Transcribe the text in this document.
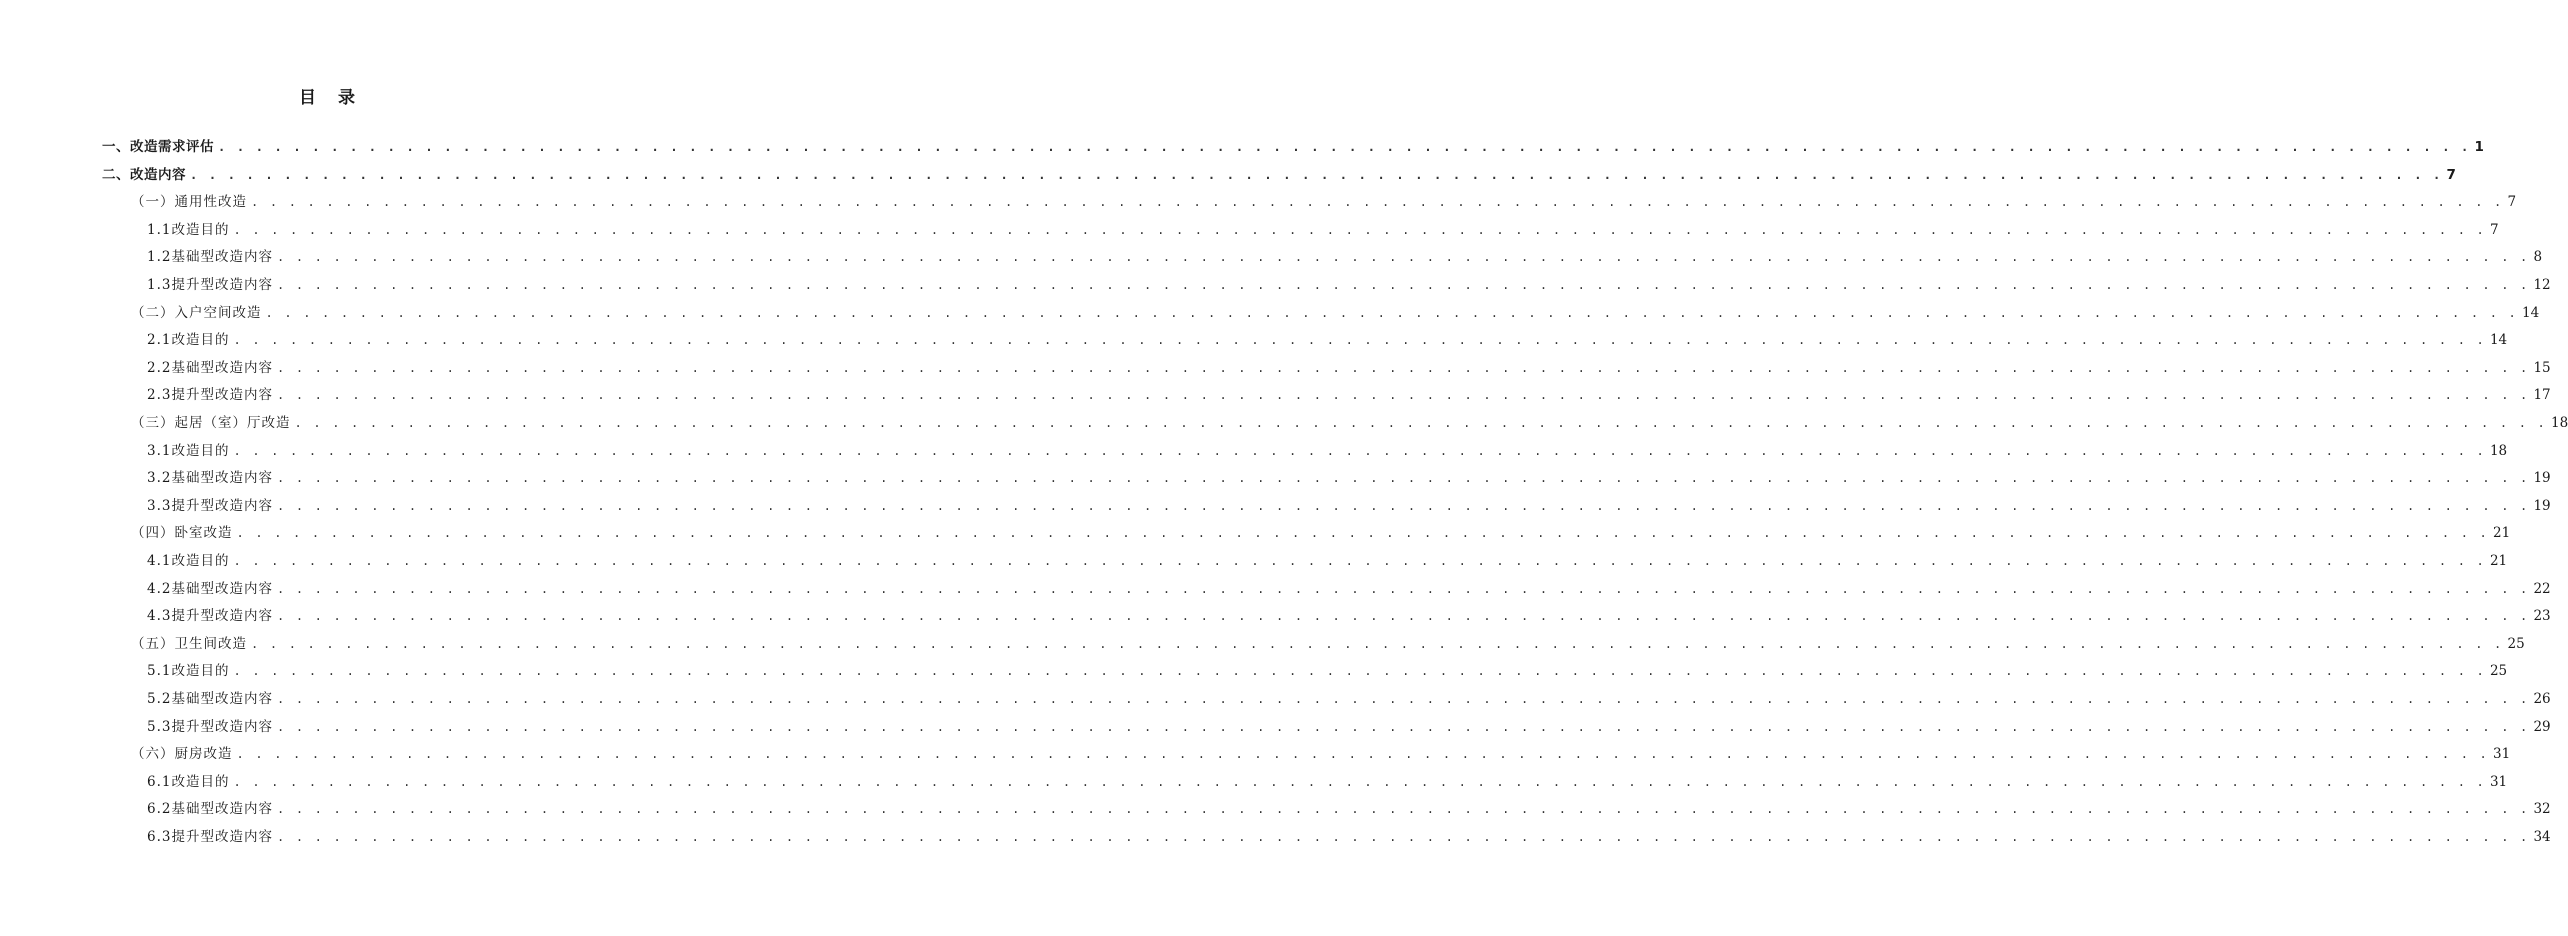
目 录
一、改造需求评估 . . . . . . . . . . . . . . . . . . . . . . . . . . . . . . . . . . . . . . . . . . . . . . . . . . . . . . . . . . . . . . . . . . . . . . . . . . . . . . . . . . . . . . . . . . . . . . . . . . . . . . . . . . . . . . . . . . . . . . . . 1
二、改造内容 . . . . . . . . . . . . . . . . . . . . . . . . . . . . . . . . . . . . . . . . . . . . . . . . . . . . . . . . . . . . . . . . . . . . . . . . . . . . . . . . . . . . . . . . . . . . . . . . . . . . . . . . . . . . . . . . . . . . . . . . 7
（一）通用性改造 . . . . . . . . . . . . . . . . . . . . . . . . . . . . . . . . . . . . . . . . . . . . . . . . . . . . . . . . . . . . . . . . . . . . . . . . . . . . . . . . . . . . . . . . . . . . . . . . . . . . . . . . . . . . . . . . . . . . . . . . 7
1.1改造目的 . . . . . . . . . . . . . . . . . . . . . . . . . . . . . . . . . . . . . . . . . . . . . . . . . . . . . . . . . . . . . . . . . . . . . . . . . . . . . . . . . . . . . . . . . . . . . . . . . . . . . . . . . . . . . . . . . . . . . . . . 7
1.2基础型改造内容 . . . . . . . . . . . . . . . . . . . . . . . . . . . . . . . . . . . . . . . . . . . . . . . . . . . . . . . . . . . . . . . . . . . . . . . . . . . . . . . . . . . . . . . . . . . . . . . . . . . . . . . . . . . . . . . . . . . . . . . . 8
1.3提升型改造内容 . . . . . . . . . . . . . . . . . . . . . . . . . . . . . . . . . . . . . . . . . . . . . . . . . . . . . . . . . . . . . . . . . . . . . . . . . . . . . . . . . . . . . . . . . . . . . . . . . . . . . . . . . . . . . . . . . . . . . . . . 12
（二）入户空间改造 . . . . . . . . . . . . . . . . . . . . . . . . . . . . . . . . . . . . . . . . . . . . . . . . . . . . . . . . . . . . . . . . . . . . . . . . . . . . . . . . . . . . . . . . . . . . . . . . . . . . . . . . . . . . . . . . . . . . . . . . 14
2.1改造目的 . . . . . . . . . . . . . . . . . . . . . . . . . . . . . . . . . . . . . . . . . . . . . . . . . . . . . . . . . . . . . . . . . . . . . . . . . . . . . . . . . . . . . . . . . . . . . . . . . . . . . . . . . . . . . . . . . . . . . . . . 14
2.2基础型改造内容 . . . . . . . . . . . . . . . . . . . . . . . . . . . . . . . . . . . . . . . . . . . . . . . . . . . . . . . . . . . . . . . . . . . . . . . . . . . . . . . . . . . . . . . . . . . . . . . . . . . . . . . . . . . . . . . . . . . . . . . . 15
2.3提升型改造内容 . . . . . . . . . . . . . . . . . . . . . . . . . . . . . . . . . . . . . . . . . . . . . . . . . . . . . . . . . . . . . . . . . . . . . . . . . . . . . . . . . . . . . . . . . . . . . . . . . . . . . . . . . . . . . . . . . . . . . . . . 17
（三）起居（室）厅改造 . . . . . . . . . . . . . . . . . . . . . . . . . . . . . . . . . . . . . . . . . . . . . . . . . . . . . . . . . . . . . . . . . . . . . . . . . . . . . . . . . . . . . . . . . . . . . . . . . . . . . . . . . . . . . . . . . . . . . . . . 18
3.1改造目的 . . . . . . . . . . . . . . . . . . . . . . . . . . . . . . . . . . . . . . . . . . . . . . . . . . . . . . . . . . . . . . . . . . . . . . . . . . . . . . . . . . . . . . . . . . . . . . . . . . . . . . . . . . . . . . . . . . . . . . . . 18
3.2基础型改造内容 . . . . . . . . . . . . . . . . . . . . . . . . . . . . . . . . . . . . . . . . . . . . . . . . . . . . . . . . . . . . . . . . . . . . . . . . . . . . . . . . . . . . . . . . . . . . . . . . . . . . . . . . . . . . . . . . . . . . . . . . 19
3.3提升型改造内容 . . . . . . . . . . . . . . . . . . . . . . . . . . . . . . . . . . . . . . . . . . . . . . . . . . . . . . . . . . . . . . . . . . . . . . . . . . . . . . . . . . . . . . . . . . . . . . . . . . . . . . . . . . . . . . . . . . . . . . . . 19
（四）卧室改造 . . . . . . . . . . . . . . . . . . . . . . . . . . . . . . . . . . . . . . . . . . . . . . . . . . . . . . . . . . . . . . . . . . . . . . . . . . . . . . . . . . . . . . . . . . . . . . . . . . . . . . . . . . . . . . . . . . . . . . . . 21
4.1改造目的 . . . . . . . . . . . . . . . . . . . . . . . . . . . . . . . . . . . . . . . . . . . . . . . . . . . . . . . . . . . . . . . . . . . . . . . . . . . . . . . . . . . . . . . . . . . . . . . . . . . . . . . . . . . . . . . . . . . . . . . . 21
4.2基础型改造内容 . . . . . . . . . . . . . . . . . . . . . . . . . . . . . . . . . . . . . . . . . . . . . . . . . . . . . . . . . . . . . . . . . . . . . . . . . . . . . . . . . . . . . . . . . . . . . . . . . . . . . . . . . . . . . . . . . . . . . . . . 22
4.3提升型改造内容 . . . . . . . . . . . . . . . . . . . . . . . . . . . . . . . . . . . . . . . . . . . . . . . . . . . . . . . . . . . . . . . . . . . . . . . . . . . . . . . . . . . . . . . . . . . . . . . . . . . . . . . . . . . . . . . . . . . . . . . . 23
（五）卫生间改造 . . . . . . . . . . . . . . . . . . . . . . . . . . . . . . . . . . . . . . . . . . . . . . . . . . . . . . . . . . . . . . . . . . . . . . . . . . . . . . . . . . . . . . . . . . . . . . . . . . . . . . . . . . . . . . . . . . . . . . . . 25
5.1改造目的 . . . . . . . . . . . . . . . . . . . . . . . . . . . . . . . . . . . . . . . . . . . . . . . . . . . . . . . . . . . . . . . . . . . . . . . . . . . . . . . . . . . . . . . . . . . . . . . . . . . . . . . . . . . . . . . . . . . . . . . . 25
5.2基础型改造内容 . . . . . . . . . . . . . . . . . . . . . . . . . . . . . . . . . . . . . . . . . . . . . . . . . . . . . . . . . . . . . . . . . . . . . . . . . . . . . . . . . . . . . . . . . . . . . . . . . . . . . . . . . . . . . . . . . . . . . . . . 26
5.3提升型改造内容 . . . . . . . . . . . . . . . . . . . . . . . . . . . . . . . . . . . . . . . . . . . . . . . . . . . . . . . . . . . . . . . . . . . . . . . . . . . . . . . . . . . . . . . . . . . . . . . . . . . . . . . . . . . . . . . . . . . . . . . . 29
（六）厨房改造 . . . . . . . . . . . . . . . . . . . . . . . . . . . . . . . . . . . . . . . . . . . . . . . . . . . . . . . . . . . . . . . . . . . . . . . . . . . . . . . . . . . . . . . . . . . . . . . . . . . . . . . . . . . . . . . . . . . . . . . . 31
6.1改造目的 . . . . . . . . . . . . . . . . . . . . . . . . . . . . . . . . . . . . . . . . . . . . . . . . . . . . . . . . . . . . . . . . . . . . . . . . . . . . . . . . . . . . . . . . . . . . . . . . . . . . . . . . . . . . . . . . . . . . . . . . 31
6.2基础型改造内容 . . . . . . . . . . . . . . . . . . . . . . . . . . . . . . . . . . . . . . . . . . . . . . . . . . . . . . . . . . . . . . . . . . . . . . . . . . . . . . . . . . . . . . . . . . . . . . . . . . . . . . . . . . . . . . . . . . . . . . . . 32
6.3提升型改造内容 . . . . . . . . . . . . . . . . . . . . . . . . . . . . . . . . . . . . . . . . . . . . . . . . . . . . . . . . . . . . . . . . . . . . . . . . . . . . . . . . . . . . . . . . . . . . . . . . . . . . . . . . . . . . . . . . . . . . . . . . 34
